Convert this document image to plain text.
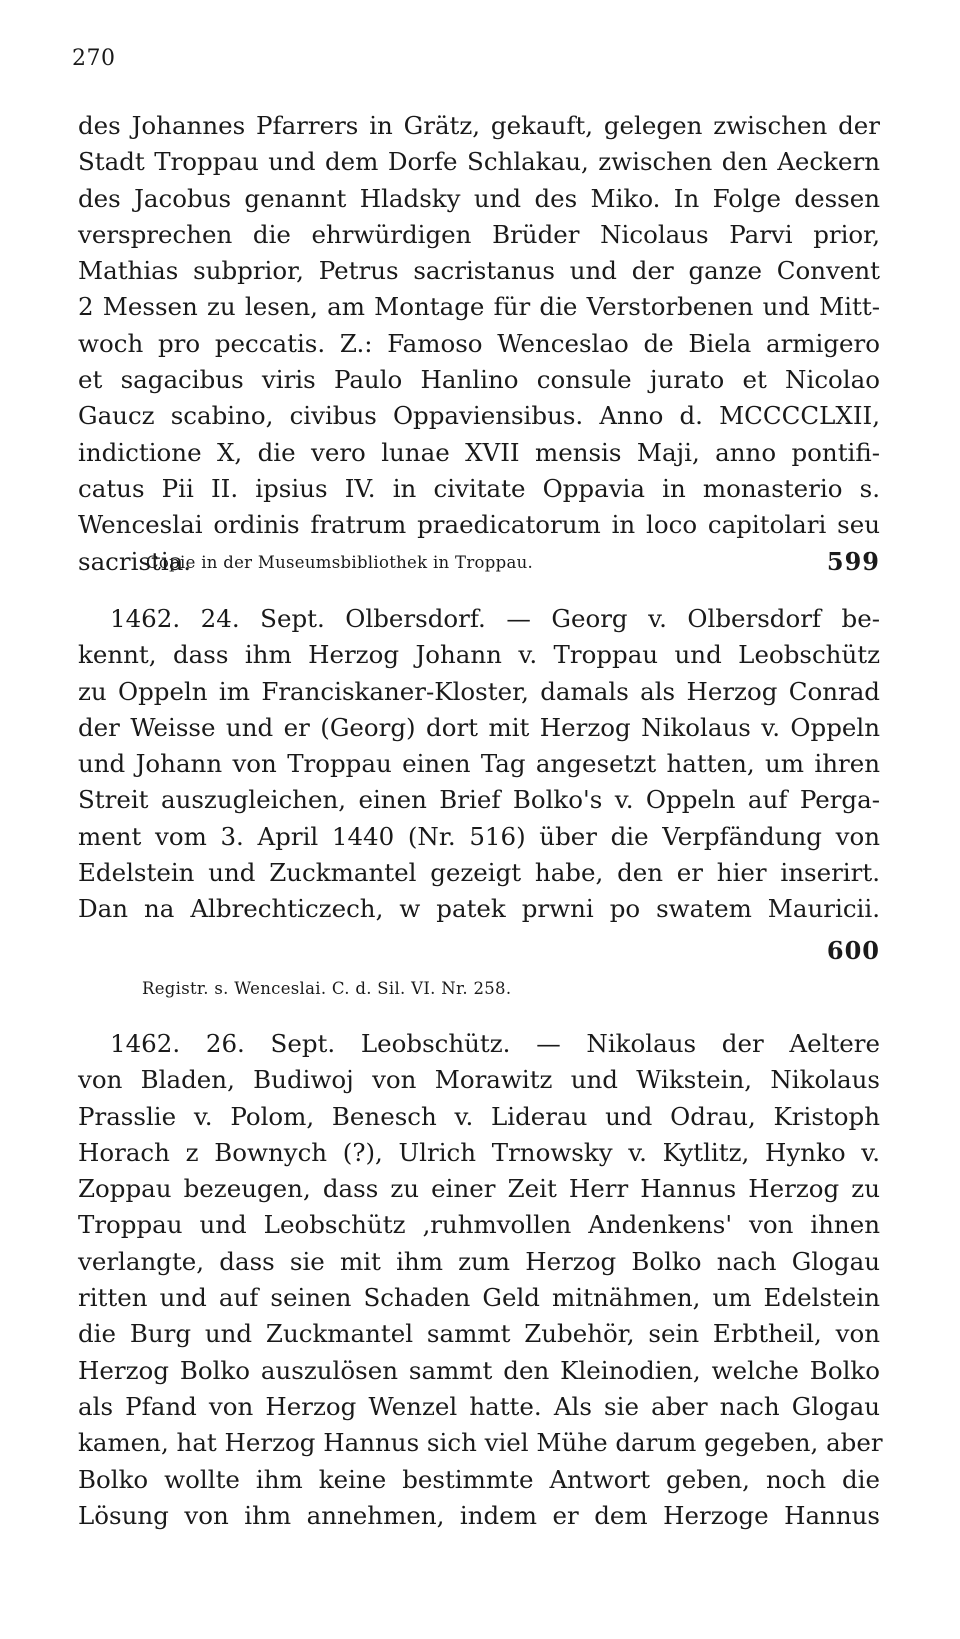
270
des Johannes Pfarrers in Grätz, gekauft, gelegen zwischen der
Stadt Troppau und dem Dorfe Schlakau, zwischen den Aeckern
des Jacobus genannt Hladsky und des Miko. In Folge dessen
versprechen die ehrwürdigen Brüder Nicolaus Parvi prior,
Mathias subprior, Petrus sacristanus und der ganze Convent
2 Messen zu lesen, am Montage für die Verstorbenen und Mitt-
woch pro peccatis. Z.: Famoso Wenceslao de Biela armigero
et sagacibus viris Paulo Hanlino consule jurato et Nicolao
Gaucz scabino, civibus Oppaviensibus. Anno d. MCCCCLXII,
indictione X, die vero lunae XVII mensis Maji, anno pontifi-
catus Pii II. ipsius IV. in civitate Oppavia in monasterio s.
Wenceslai ordinis fratrum praedicatorum in loco capitolari seu
sacristia.	599
Copie in der Museumsbibliothek in Troppau.
1462. 24. Sept. Olbersdorf. — Georg v. Olbersdorf be-
kennt, dass ihm Herzog Johann v. Troppau und Leobschütz
zu Oppeln im Franciskaner-Kloster, damals als Herzog Conrad
der Weisse und er (Georg) dort mit Herzog Nikolaus v. Oppeln
und Johann von Troppau einen Tag angesetzt hatten, um ihren
Streit auszugleichen, einen Brief Bolko's v. Oppeln auf Perga-
ment vom 3. April 1440 (Nr. 516) über die Verpfändung von
Edelstein und Zuckmantel gezeigt habe, den er hier inserirt.
Dan na Albrechticzech, w patek prwni po swatem Mauricii.
600
Registr. s. Wenceslai. C. d. Sil. VI. Nr. 258.
1462. 26. Sept. Leobschütz. — Nikolaus der Aeltere
von Bladen, Budiwoj von Morawitz und Wikstein, Nikolaus
Prasslie v. Polom, Benesch v. Liderau und Odrau, Kristoph
Horach z Bownych (?), Ulrich Trnowsky v. Kytlitz, Hynko v.
Zoppau bezeugen, dass zu einer Zeit Herr Hannus Herzog zu
Troppau und Leobschütz ‚ruhmvollen Andenkens' von ihnen
verlangte, dass sie mit ihm zum Herzog Bolko nach Glogau
ritten und auf seinen Schaden Geld mitnähmen, um Edelstein
die Burg und Zuckmantel sammt Zubehör, sein Erbtheil, von
Herzog Bolko auszulösen sammt den Kleinodien, welche Bolko
als Pfand von Herzog Wenzel hatte. Als sie aber nach Glogau
kamen, hat Herzog Hannus sich viel Mühe darum gegeben, aber
Bolko wollte ihm keine bestimmte Antwort geben, noch die
Lösung von ihm annehmen, indem er dem Herzoge Hannus
